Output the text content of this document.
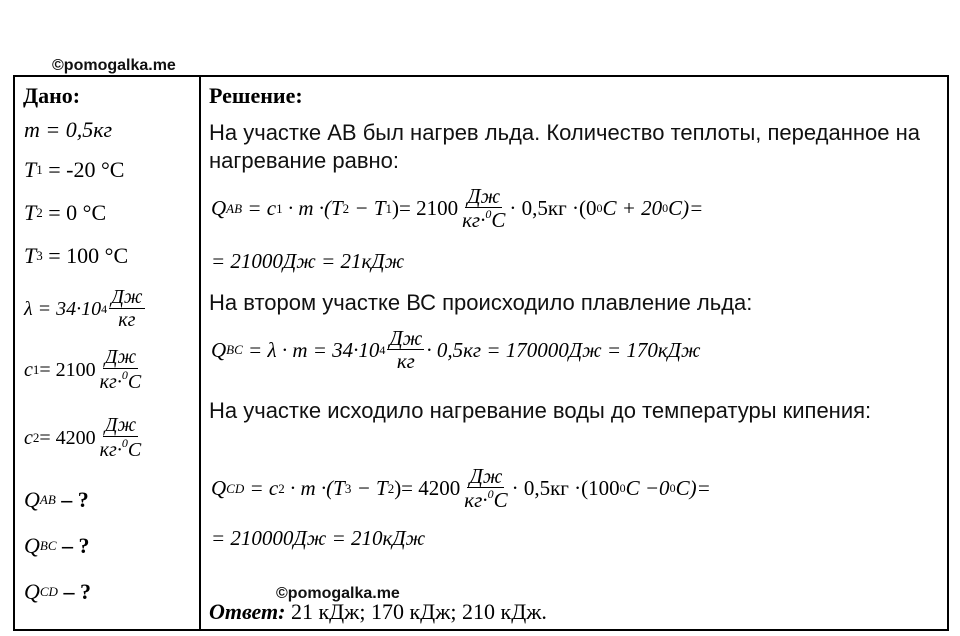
©pomogalka.me
Дано:
m = 0,5кг
T 1
= -20 °C
T 2
= 0 °C
T 3
= 100 °C
λ = 34·10 $4 \frac{Дж}{кг}$
c $1 = 2100 \frac{Дж}{кг\cdot^0C}$
c $2 = 4200 \frac{Дж}{кг\cdot^0C}$
Q AB
– ?
Q BC
– ?
Q CD
– ?
Решение:
На участке АВ был нагрев льда. Количество теплоты, переданное на нагревание равно:
Q AB
= c 1
· m ·(T 2
− T 1 )= $2100 \frac{Дж}{кг\cdot^0C} \cdot 0,5кг \cdot(0$ 0 C + 20 0 C)=
= 21000Дж = 21кДж
На втором участке ВС происходило плавление льда:
Q BC
= λ · m = 34·10 $4 \frac{Дж}{кг} \cdot 0,5кг = 170000Дж = 170кДж$
На участке исходило нагревание воды до температуры кипения:
Q CD
= c 2
· m ·(T 3
− T 2 )= $4200 \frac{Дж}{кг\cdot^0C} \cdot 0,5кг \cdot(100$ 0 C −0 0 C)=
= 210000Дж = 210кДж
Ответ: 21 кДж; 170 кДж; 210 кДж.
©pomogalka.me
